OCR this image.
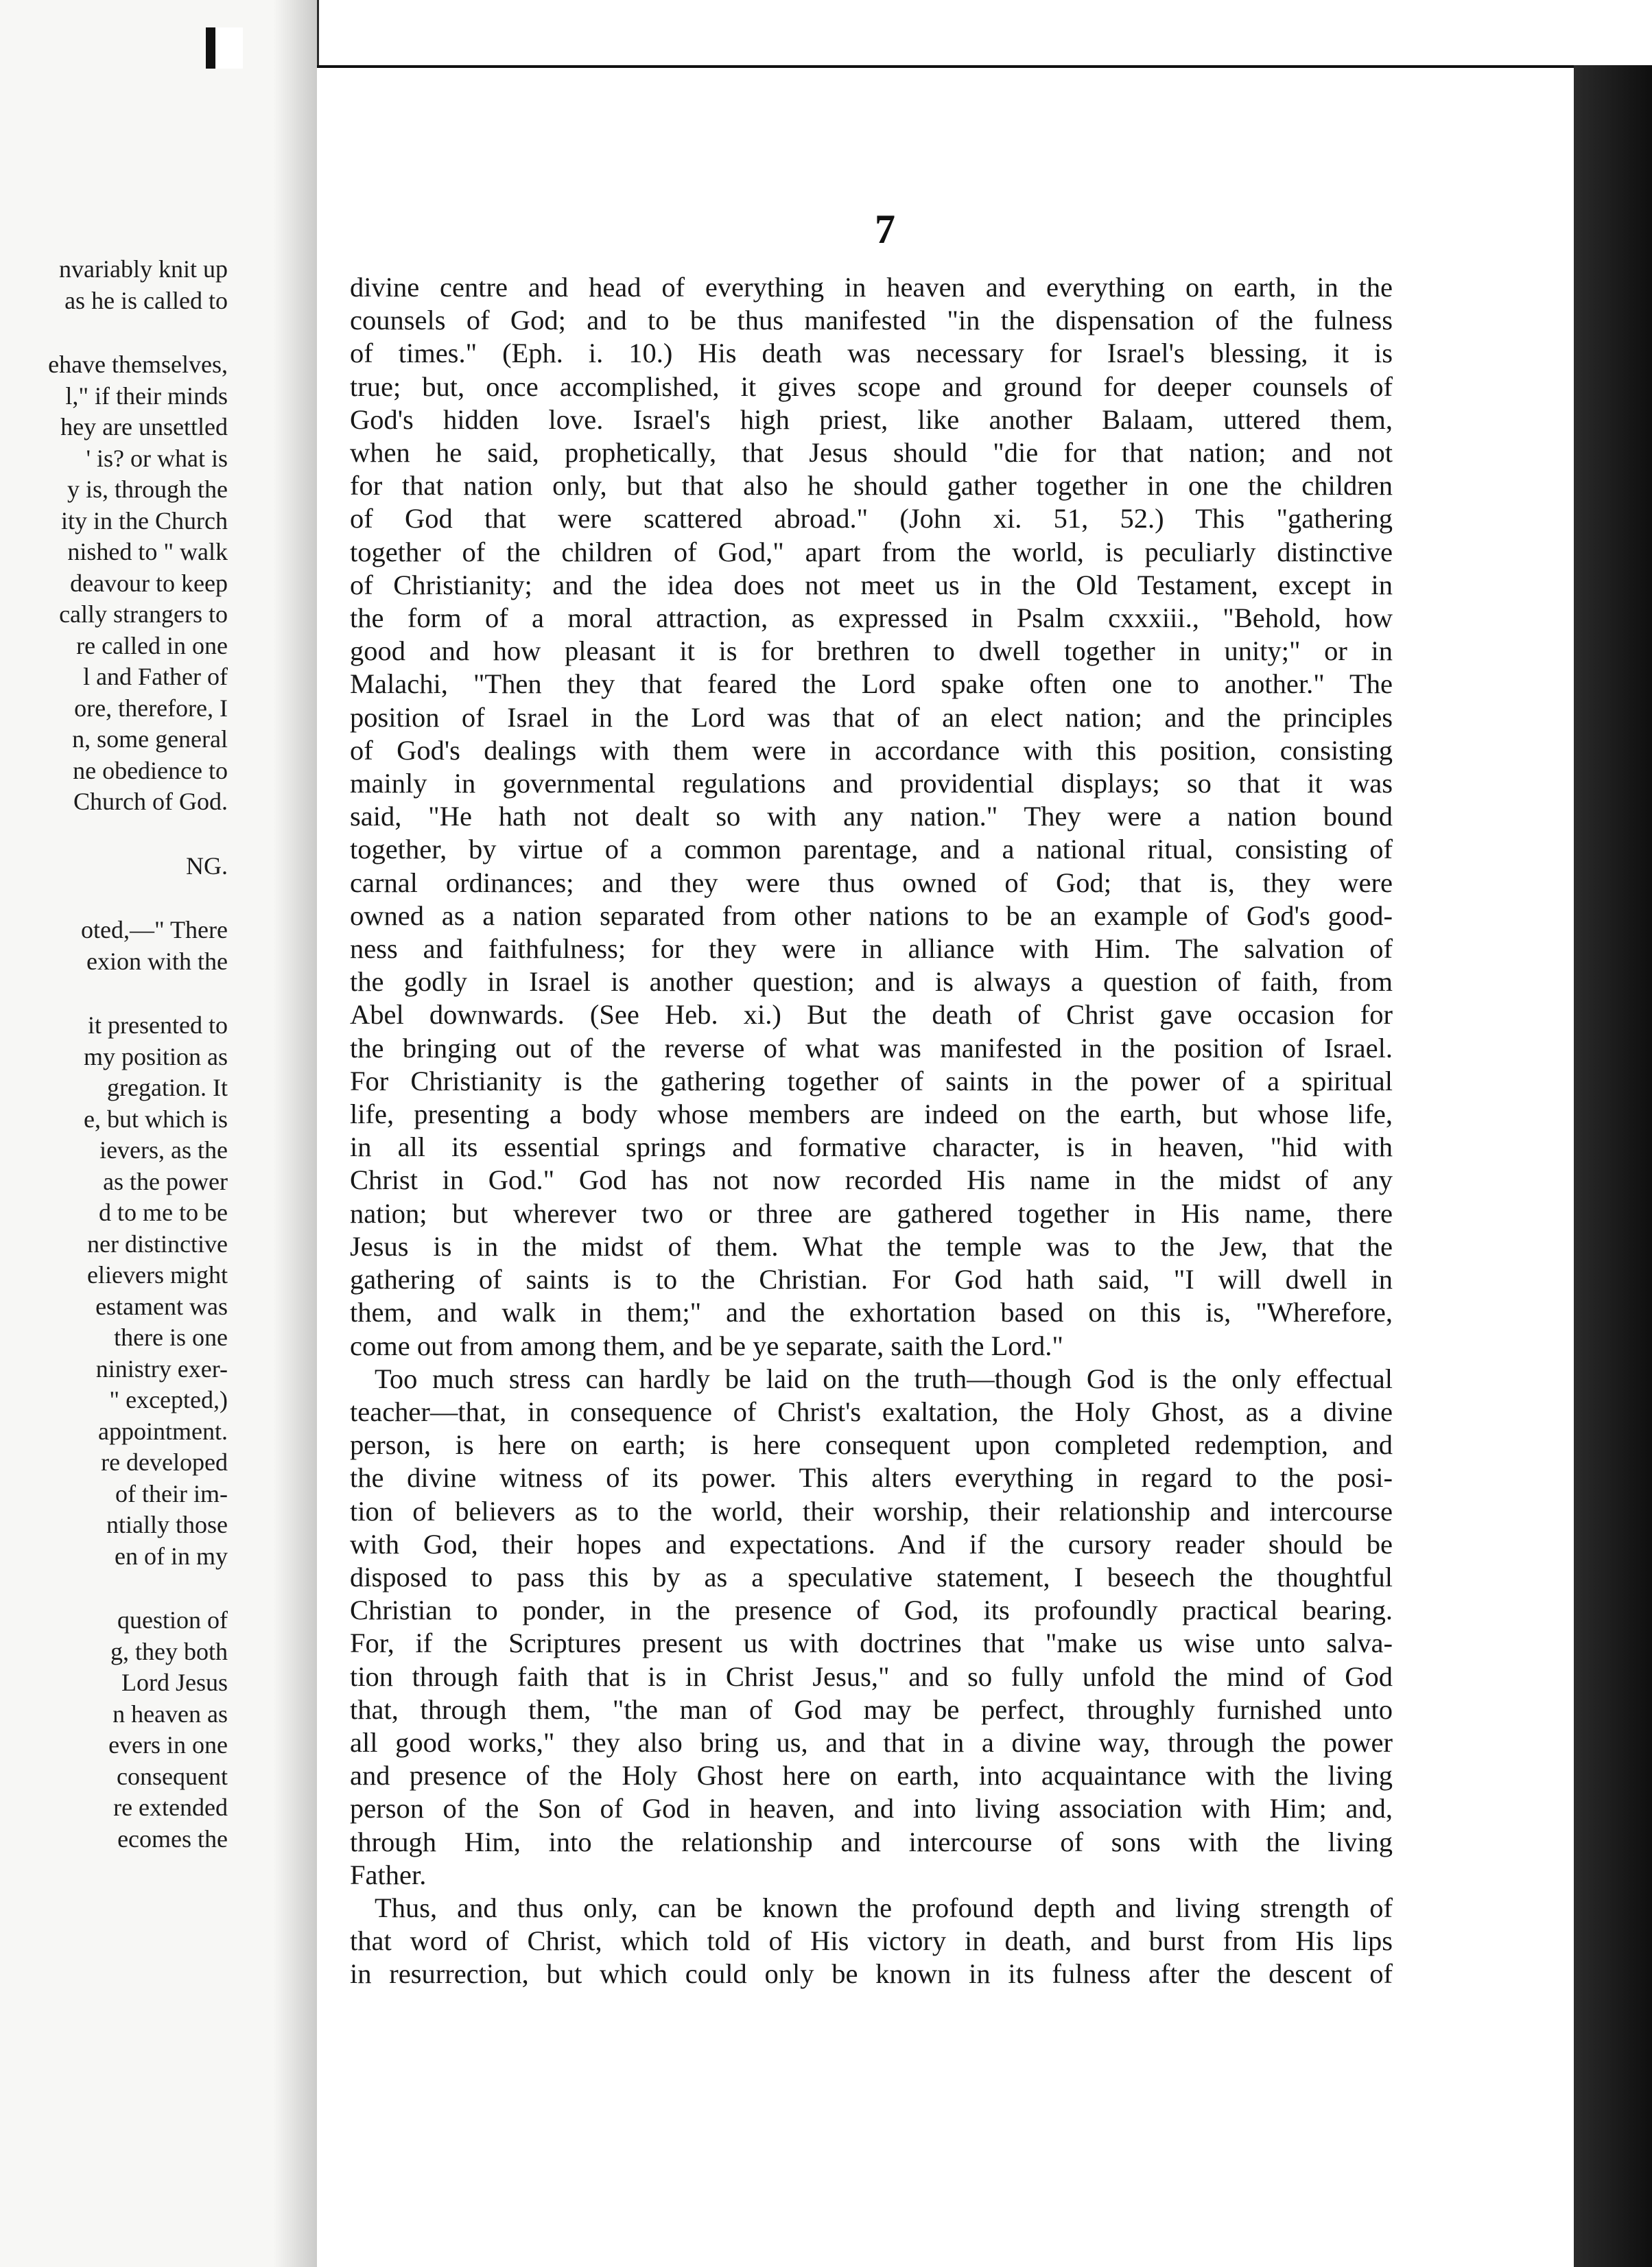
nvariably knit up
as he is called to
ehave themselves,
l," if their minds
hey are unsettled
' is? or what is
y is, through the
ity in the Church
nished to " walk
deavour to keep
cally strangers to
re called in one
l and Father of
ore, therefore, I
n, some general
ne obedience to
Church of God.
NG.
oted,—" There
exion with the
it presented to
my position as
gregation. It
e, but which is
ievers, as the
as the power
d to me to be
ner distinctive
elievers might
estament was
there is one
ninistry exer-
" excepted,)
appointment.
re developed
of their im-
ntially those
en of in my
question of
g, they both
Lord Jesus
n heaven as
evers in one
consequent
re extended
ecomes the
7
divine centre and head of everything in heaven and everything on earth, in the
counsels of God; and to be thus manifested "in the dispensation of the fulness
of times." (Eph. i. 10.) His death was necessary for Israel's blessing, it is
true; but, once accomplished, it gives scope and ground for deeper counsels of
God's hidden love. Israel's high priest, like another Balaam, uttered them,
when he said, prophetically, that Jesus should "die for that nation; and not
for that nation only, but that also he should gather together in one the children
of God that were scattered abroad." (John xi. 51, 52.) This "gathering
together of the children of God," apart from the world, is peculiarly distinctive
of Christianity; and the idea does not meet us in the Old Testament, except in
the form of a moral attraction, as expressed in Psalm cxxxiii., "Behold, how
good and how pleasant it is for brethren to dwell together in unity;" or in
Malachi, "Then they that feared the Lord spake often one to another." The
position of Israel in the Lord was that of an elect nation; and the principles
of God's dealings with them were in accordance with this position, consisting
mainly in governmental regulations and providential displays; so that it was
said, "He hath not dealt so with any nation." They were a nation bound
together, by virtue of a common parentage, and a national ritual, consisting of
carnal ordinances; and they were thus owned of God; that is, they were
owned as a nation separated from other nations to be an example of God's good-
ness and faithfulness; for they were in alliance with Him. The salvation of
the godly in Israel is another question; and is always a question of faith, from
Abel downwards. (See Heb. xi.) But the death of Christ gave occasion for
the bringing out of the reverse of what was manifested in the position of Israel.
For Christianity is the gathering together of saints in the power of a spiritual
life, presenting a body whose members are indeed on the earth, but whose life,
in all its essential springs and formative character, is in heaven, "hid with
Christ in God." God has not now recorded His name in the midst of any
nation; but wherever two or three are gathered together in His name, there
Jesus is in the midst of them. What the temple was to the Jew, that the
gathering of saints is to the Christian. For God hath said, "I will dwell in
them, and walk in them;" and the exhortation based on this is, "Wherefore,
come out from among them, and be ye separate, saith the Lord."
Too much stress can hardly be laid on the truth—though God is the only effectual
teacher—that, in consequence of Christ's exaltation, the Holy Ghost, as a divine
person, is here on earth; is here consequent upon completed redemption, and
the divine witness of its power. This alters everything in regard to the posi-
tion of believers as to the world, their worship, their relationship and intercourse
with God, their hopes and expectations. And if the cursory reader should be
disposed to pass this by as a speculative statement, I beseech the thoughtful
Christian to ponder, in the presence of God, its profoundly practical bearing.
For, if the Scriptures present us with doctrines that "make us wise unto salva-
tion through faith that is in Christ Jesus," and so fully unfold the mind of God
that, through them, "the man of God may be perfect, throughly furnished unto
all good works," they also bring us, and that in a divine way, through the power
and presence of the Holy Ghost here on earth, into acquaintance with the living
person of the Son of God in heaven, and into living association with Him; and,
through Him, into the relationship and intercourse of sons with the living
Father.
Thus, and thus only, can be known the profound depth and living strength of
that word of Christ, which told of His victory in death, and burst from His lips
in resurrection, but which could only be known in its fulness after the descent of
